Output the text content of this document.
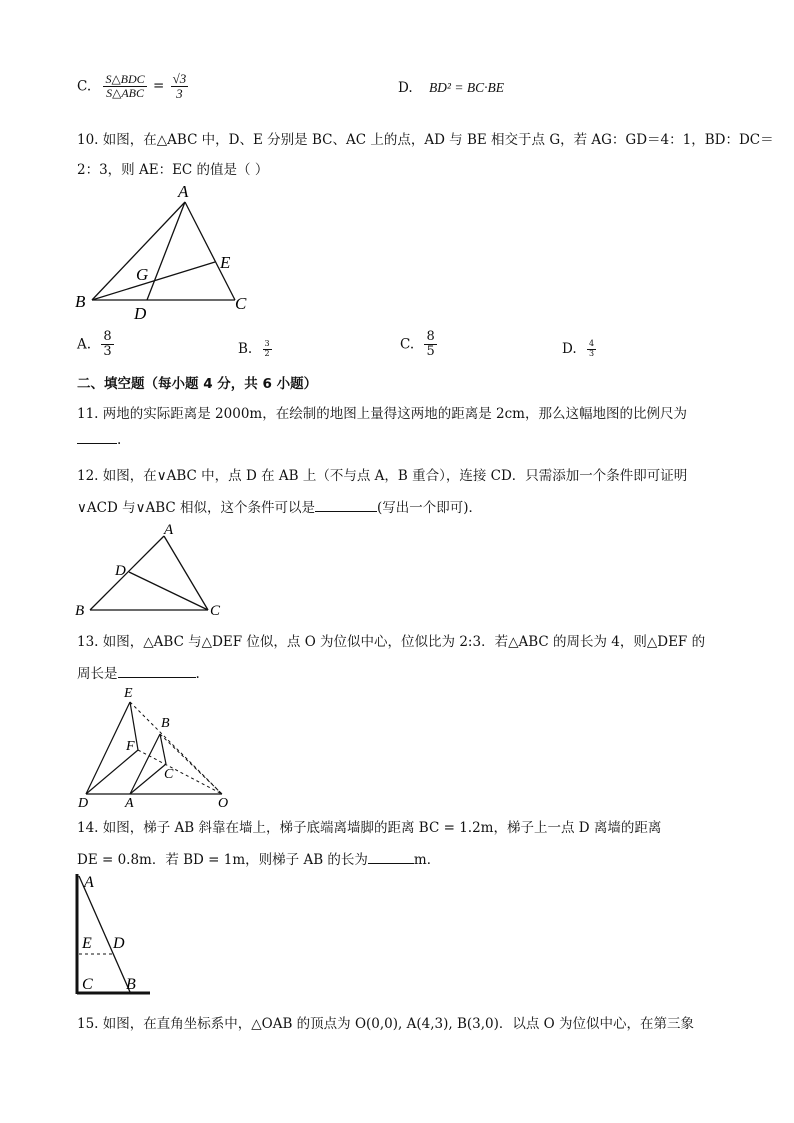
C. $\frac{\text{S△BDC}}{\text{S△ABC}} = \frac{√3}{3}$	D. BD² = BC·BE
10. 如图，在△ABC 中，D、E 分别是 BC、AC 上的点，AD 与 BE 相交于点 G，若 AG：GD＝4：1，BD：DC＝
2：3，则 AE：EC 的值是（ ）
A
B	C
D
E
G
A. $\frac{8}{3}$	B. $\frac{3}{2}$	C. $\frac{8}{5}$	D. $\frac{4}{3}$
二、填空题（每小题 4 分，共 6 小题）
11. 两地的实际距离是 2000m，在绘制的地图上量得这两地的距离是 2cm，那么这幅地图的比例尺为
.
12. 如图，在∨ABC 中，点 D 在 AB 上（不与点 A，B 重合），连接 CD．只需添加一个条件即可证明
∨ACD 与∨ABC 相似，这个条件可以是	(写出一个即可)．
A
B	C
D
13. 如图，△ABC 与△DEF 位似，点 O 为位似中心，位似比为 2:3．若△ABC 的周长为 4，则△DEF 的
周长是	.
E
B
F
C
D	A	O
14. 如图，梯子 AB 斜靠在墙上，梯子底端离墙脚的距离 BC = 1.2m，梯子上一点 D 离墙的距离
DE = 0.8m．若 BD = 1m，则梯子 AB 的长为	m．
A
E D
C B
15. 如图，在直角坐标系中，△OAB 的顶点为 O(0,0), A(4,3), B(3,0)．以点 O 为位似中心，在第三象
